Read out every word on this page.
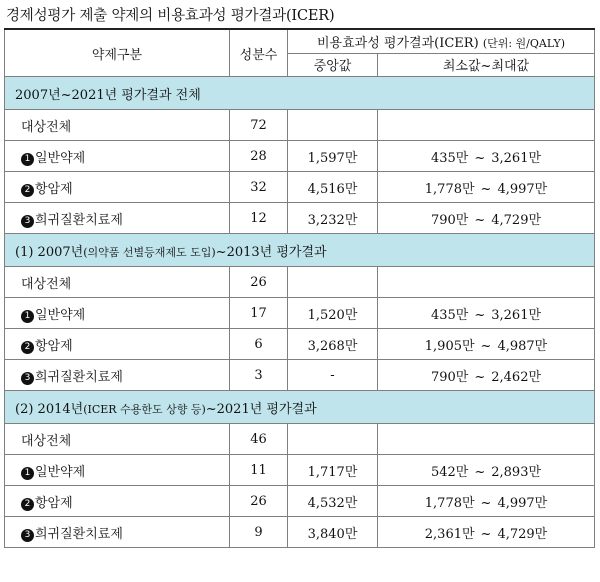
경제성평가 제출 약제의 비용효과성 평가결과(ICER)
약제구분	성분수	비용효과성 평가결과(ICER) (단위: 원/QALY)	
		중앙값	최소값~최대값
2007년~2021년 평가결과 전체			
대상전체	72		
1 일반약제	28	1,597만	435만 ~ 3,261만
2 항암제	32	4,516만	1,778만 ~ 4,997만
3 희귀질환치료제	12	3,232만	790만 ~ 4,729만
(1) 2007년(의약품 선별등재제도 도입)~2013년 평가결과			
대상전체	26		
1 일반약제	17	1,520만	435만 ~ 3,261만
2 항암제	6	3,268만	1,905만 ~ 4,987만
3 희귀질환치료제	3	-	790만 ~ 2,462만
(2) 2014년(ICER 수용한도 상향 등)~2021년 평가결과			
대상전체	46		
1 일반약제	11	1,717만	542만 ~ 2,893만
2 항암제	26	4,532만	1,778만 ~ 4,997만
3 희귀질환치료제	9	3,840만	2,361만 ~ 4,729만
